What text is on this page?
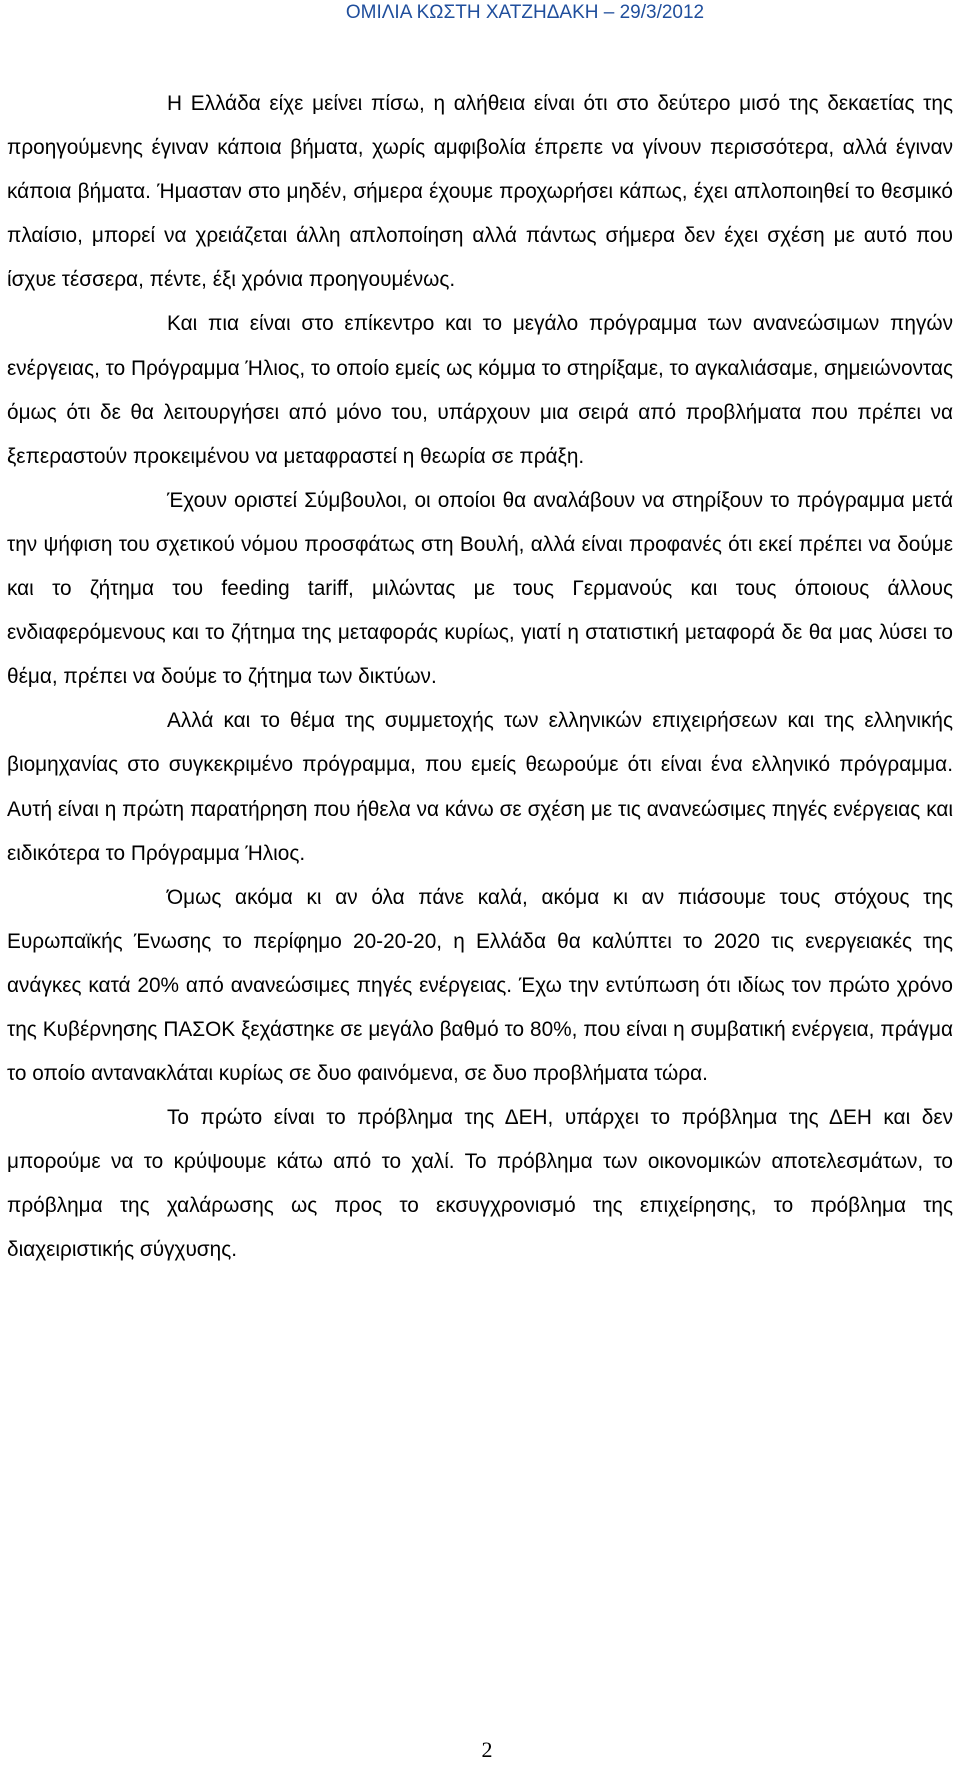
ΟΜΙΛΙΑ ΚΩΣΤΗ ΧΑΤΖΗΔΑΚΗ – 29/3/2012

Η Ελλάδα είχε μείνει πίσω, η αλήθεια είναι ότι στο δεύτερο μισό της δεκαετίας της προηγούμενης έγιναν κάποια βήματα, χωρίς αμφιβολία έπρεπε να γίνουν περισσότερα, αλλά έγιναν κάποια βήματα. Ήμασταν στο μηδέν, σήμερα έχουμε προχωρήσει κάπως, έχει απλοποιηθεί το θεσμικό πλαίσιο, μπορεί να χρειάζεται άλλη απλοποίηση αλλά πάντως σήμερα δεν έχει σχέση με αυτό που ίσχυε τέσσερα, πέντε, έξι χρόνια προηγουμένως.

Και πια είναι στο επίκεντρο και το μεγάλο πρόγραμμα των ανανεώσιμων πηγών ενέργειας, το Πρόγραμμα Ήλιος, το οποίο εμείς ως κόμμα το στηρίξαμε, το αγκαλιάσαμε, σημειώνοντας όμως ότι δε θα λειτουργήσει από μόνο του, υπάρχουν μια σειρά από προβλήματα που πρέπει να ξεπεραστούν προκειμένου να μεταφραστεί η θεωρία σε πράξη.

Έχουν οριστεί Σύμβουλοι, οι οποίοι θα αναλάβουν να στηρίξουν το πρόγραμμα μετά την ψήφιση του σχετικού νόμου προσφάτως στη Βουλή, αλλά είναι προφανές ότι εκεί πρέπει να δούμε και το ζήτημα του feeding tariff, μιλώντας με τους Γερμανούς και τους όποιους άλλους ενδιαφερόμενους και το ζήτημα της μεταφοράς κυρίως, γιατί η στατιστική μεταφορά δε θα μας λύσει το θέμα, πρέπει να δούμε το ζήτημα των δικτύων.

Αλλά και το θέμα της συμμετοχής των ελληνικών επιχειρήσεων και της ελληνικής βιομηχανίας στο συγκεκριμένο πρόγραμμα, που εμείς θεωρούμε ότι είναι ένα ελληνικό πρόγραμμα. Αυτή είναι η πρώτη παρατήρηση που ήθελα να κάνω σε σχέση με τις ανανεώσιμες πηγές ενέργειας και ειδικότερα το Πρόγραμμα Ήλιος.

Όμως ακόμα κι αν όλα πάνε καλά, ακόμα κι αν πιάσουμε τους στόχους της Ευρωπαϊκής Ένωσης το περίφημο 20-20-20, η Ελλάδα θα καλύπτει το 2020 τις ενεργειακές της ανάγκες κατά 20% από ανανεώσιμες πηγές ενέργειας. Έχω την εντύπωση ότι ιδίως τον πρώτο χρόνο της Κυβέρνησης ΠΑΣΟΚ ξεχάστηκε σε μεγάλο βαθμό το 80%, που είναι η συμβατική ενέργεια, πράγμα το οποίο αντανακλάται κυρίως σε δυο φαινόμενα, σε δυο προβλήματα τώρα.

Το πρώτο είναι το πρόβλημα της ΔΕΗ, υπάρχει το πρόβλημα της ΔΕΗ και δεν μπορούμε να το κρύψουμε κάτω από το χαλί. Το πρόβλημα των οικονομικών αποτελεσμάτων, το πρόβλημα της χαλάρωσης ως προς το εκσυγχρονισμό της επιχείρησης, το πρόβλημα της διαχειριστικής σύγχυσης.

2
